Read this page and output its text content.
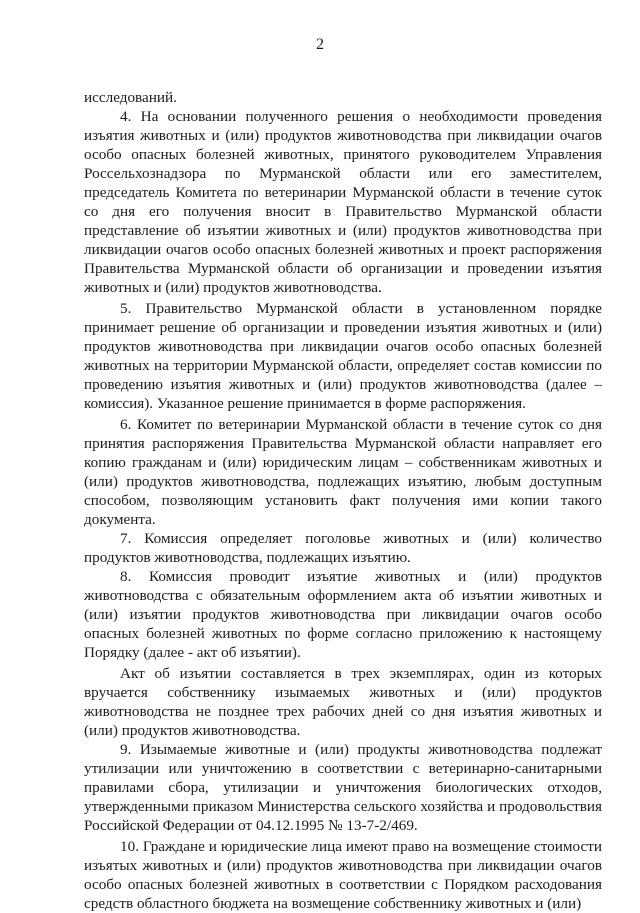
2

исследований.

4. На основании полученного решения о необходимости проведения изъятия животных и (или) продуктов животноводства при ликвидации очагов особо опасных болезней животных, принятого руководителем Управления Россельхознадзора по Мурманской области или его заместителем, председатель Комитета по ветеринарии Мурманской области в течение суток со дня его получения вносит в Правительство Мурманской области представление об изъятии животных и (или) продуктов животноводства при ликвидации очагов особо опасных болезней животных и проект распоряжения Правительства Мурманской области об организации и проведении изъятия животных и (или) продуктов животноводства.

5. Правительство Мурманской области в установленном порядке принимает решение об организации и проведении изъятия животных и (или) продуктов животноводства при ликвидации очагов особо опасных болезней животных на территории Мурманской области, определяет состав комиссии по проведению изъятия животных и (или) продуктов животноводства (далее – комиссия). Указанное решение принимается в форме распоряжения.

6. Комитет по ветеринарии Мурманской области в течение суток со дня принятия распоряжения Правительства Мурманской области направляет его копию гражданам и (или) юридическим лицам – собственникам животных и (или) продуктов животноводства, подлежащих изъятию, любым доступным способом, позволяющим установить факт получения ими копии такого документа.

7. Комиссия определяет поголовье животных и (или) количество продуктов животноводства, подлежащих изъятию.

8. Комиссия проводит изъятие животных и (или) продуктов животноводства с обязательным оформлением акта об изъятии животных и (или) изъятии продуктов животноводства при ликвидации очагов особо опасных болезней животных по форме согласно приложению к настоящему Порядку (далее - акт об изъятии).

Акт об изъятии составляется в трех экземплярах, один из которых вручается собственнику изымаемых животных и (или) продуктов животноводства не позднее трех рабочих дней со дня изъятия животных и (или) продуктов животноводства.

9. Изымаемые животные и (или) продукты животноводства подлежат утилизации или уничтожению в соответствии с ветеринарно-санитарными правилами сбора, утилизации и уничтожения биологических отходов, утвержденными приказом Министерства сельского хозяйства и продовольствия Российской Федерации от 04.12.1995 № 13-7-2/469.

10. Граждане и юридические лица имеют право на возмещение стоимости изъятых животных и (или) продуктов животноводства при ликвидации очагов особо опасных болезней животных в соответствии с Порядком расходования средств областного бюджета на возмещение собственнику животных и (или)
